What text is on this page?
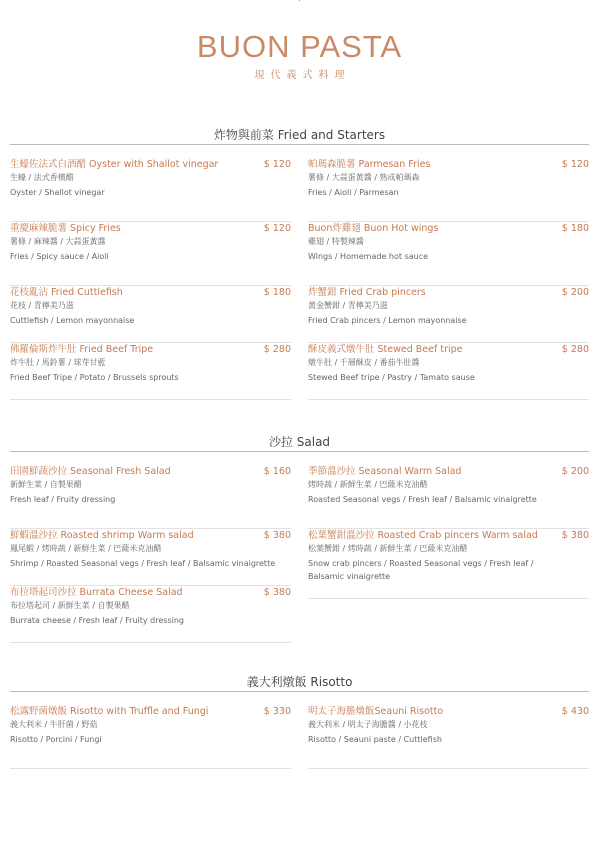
BUON PASTA
現代義式料理
炸物與前菜 Fried and Starters
生蠔佐法式白酒醋 Oyster with Shallot vinegar	$ 120
生蠔 / 法式香檳醋
Oyster / Shallot vinegar
重慶麻辣脆薯 Spicy Fries	$ 120
薯條 / 麻辣醬 / 大蒜蛋黃醬
Fries / Spicy sauce / Aioli
花枝亂沾 Fried Cuttlefish	$ 180
花枝 / 青檸美乃滋
Cuttlefish / Lemon mayonnaise
佛羅倫斯炸牛肚 Fried Beef Tripe	$ 280
炸牛肚 / 馬鈴薯 / 球芽甘藍
Fried Beef Tripe / Potato / Brussels sprouts
帕瑪森脆薯 Parmesan Fries	$ 120
薯條 / 大蒜蛋黃醬 / 熟成帕瑪森
Fries / Aioli / Parmesan
Buon炸雞翅 Buon Hot wings	$ 180
雞翅 / 特製辣醬
Wings / Homemade hot sauce
炸蟹鉗 Fried Crab pincers	$ 200
黃金蟹鉗 / 青檸美乃滋
Fried Crab pincers / Lemon mayonnaise
酥皮義式燉牛肚 Stewed Beef tripe	$ 280
燉牛肚 / 千層酥皮 / 番茄牛肚醬
Stewed Beef tripe / Pastry / Tamato sause
沙拉 Salad
田園鮮蔬沙拉 Seasonal Fresh Salad	$ 160
新鮮生菜 / 自製果醋
Fresh leaf / Fruity dressing
鮮蝦溫沙拉 Roasted shrimp Warm salad	$ 380
鳳尾蝦 / 烤時蔬 / 新鮮生菜 / 巴薩米克油醋
Shrimp / Roasted Seasonal vegs / Fresh leaf / Balsamic vinaigrette
布拉塔起司沙拉 Burrata Cheese Salad	$ 380
布拉塔起司 / 新鮮生菜 / 自製果醋
Burrata cheese / Fresh leaf / Fruity dressing
季節溫沙拉 Seasonal Warm Salad	$ 200
烤時蔬 / 新鮮生菜 / 巴薩米克油醋
Roasted Seasonal vegs / Fresh leaf / Balsamic vinaigrette
松葉蟹鉗溫沙拉 Roasted Crab pincers Warm salad	$ 380
松葉蟹鉗 / 烤時蔬 / 新鮮生菜 / 巴薩米克油醋
Snow crab pincers / Roasted Seasonal vegs / Fresh leaf / Balsamic vinaigrette
義大利燉飯 Risotto
松露野菌燉飯 Risotto with Truffle and Fungi	$ 330
義大利米 / 牛肝菌 / 野菇
Risotto / Porcini / Fungi
明太子海膽燉飯Seauni Risotto	$ 430
義大利米 / 明太子海膽醬 / 小花枝
Risotto / Seauni paste / Cuttlefish
